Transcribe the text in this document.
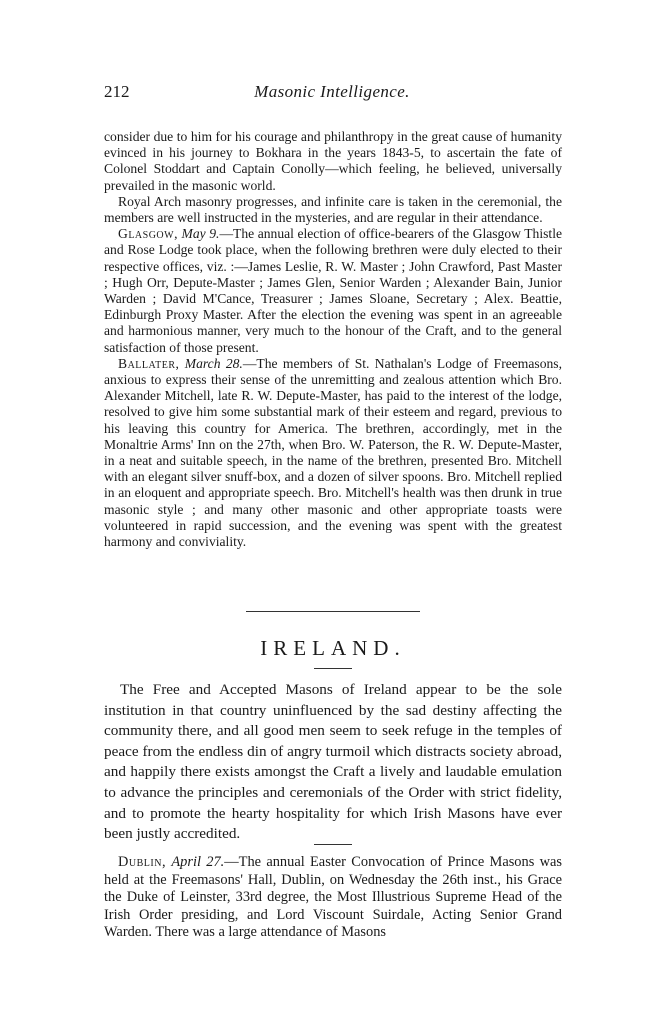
212	Masonic Intelligence.

consider due to him for his courage and philanthropy in the great cause of humanity evinced in his journey to Bokhara in the years 1843-5, to ascertain the fate of Colonel Stoddart and Captain Conolly—which feeling, he believed, universally prevailed in the masonic world.

Royal Arch masonry progresses, and infinite care is taken in the ceremonial, the members are well instructed in the mysteries, and are regular in their attendance.

Glasgow, May 9.—The annual election of office-bearers of the Glasgow Thistle and Rose Lodge took place, when the following brethren were duly elected to their respective offices, viz. :—James Leslie, R. W. Master ; John Crawford, Past Master ; Hugh Orr, Depute-Master ; James Glen, Senior Warden ; Alexander Bain, Junior Warden ; David M'Cance, Treasurer ; James Sloane, Secretary ; Alex. Beattie, Edinburgh Proxy Master. After the election the evening was spent in an agreeable and harmonious manner, very much to the honour of the Craft, and to the general satisfaction of those present.

Ballater, March 28.—The members of St. Nathalan's Lodge of Freemasons, anxious to express their sense of the unremitting and zealous attention which Bro. Alexander Mitchell, late R. W. Depute-Master, has paid to the interest of the lodge, resolved to give him some substantial mark of their esteem and regard, previous to his leaving this country for America. The brethren, accordingly, met in the Monaltrie Arms' Inn on the 27th, when Bro. W. Paterson, the R. W. Depute-Master, in a neat and suitable speech, in the name of the brethren, presented Bro. Mitchell with an elegant silver snuff-box, and a dozen of silver spoons. Bro. Mitchell replied in an eloquent and appropriate speech. Bro. Mitchell's health was then drunk in true masonic style ; and many other masonic and other appropriate toasts were volunteered in rapid succession, and the evening was spent with the greatest harmony and conviviality.

IRELAND.

The Free and Accepted Masons of Ireland appear to be the sole institution in that country uninfluenced by the sad destiny affecting the community there, and all good men seem to seek refuge in the temples of peace from the endless din of angry turmoil which distracts society abroad, and happily there exists amongst the Craft a lively and laudable emulation to advance the principles and ceremonials of the Order with strict fidelity, and to promote the hearty hospitality for which Irish Masons have ever been justly accredited.

Dublin, April 27.—The annual Easter Convocation of Prince Masons was held at the Freemasons' Hall, Dublin, on Wednesday the 26th inst., his Grace the Duke of Leinster, 33rd degree, the Most Illustrious Supreme Head of the Irish Order presiding, and Lord Viscount Suirdale, Acting Senior Grand Warden. There was a large attendance of Masons
